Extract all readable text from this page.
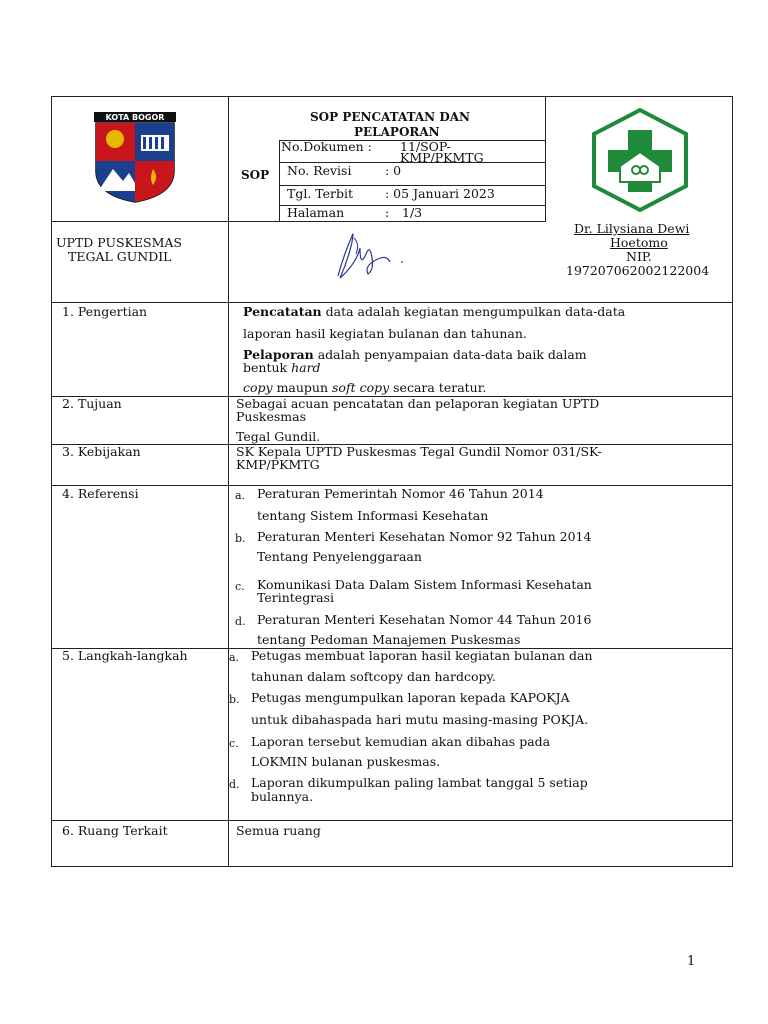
KOTA BOGOR	SOP PENCATATAN DAN
PELAPORAN
SOP
No.Dokumen : 11/SOP-
KMP/PKMTG
No. Revisi	: 0
Tgl. Terbit	: 05 Januari 2023
Halaman	: 1/3
UPTD PUSKESMAS
TEGAL GUNDIL
Dr. Lilysiana Dewi
Hoetomo
NIP.
197207062002122004
1. Pengertian	Pencatatan data adalah kegiatan mengumpulkan data-data
laporan hasil kegiatan bulanan dan tahunan.
Pelaporan adalah penyampaian data-data baik dalam
bentuk hard
copy maupun soft copy secara teratur.
2. Tujuan	Sebagai acuan pencatatan dan pelaporan kegiatan UPTD
Puskesmas
Tegal Gundil.
3. Kebijakan	SK Kepala UPTD Puskesmas Tegal Gundil Nomor 031/SK-
KMP/PKMTG
4. Referensi	a. Peraturan Pemerintah Nomor 46 Tahun 2014
tentang Sistem Informasi Kesehatan
b. Peraturan Menteri Kesehatan Nomor 92 Tahun 2014
Tentang Penyelenggaraan
c. Komunikasi Data Dalam Sistem Informasi Kesehatan
Terintegrasi
d. Peraturan Menteri Kesehatan Nomor 44 Tahun 2016
tentang Pedoman Manajemen Puskesmas
5. Langkah-langkah	a. Petugas membuat laporan hasil kegiatan bulanan dan
tahunan dalam softcopy dan hardcopy.
b. Petugas mengumpulkan laporan kepada KAPOKJA
untuk dibahaspada hari mutu masing-masing POKJA.
c. Laporan tersebut kemudian akan dibahas pada
LOKMIN bulanan puskesmas.
d. Laporan dikumpulkan paling lambat tanggal 5 setiap
bulannya.
6. Ruang Terkait	Semua ruang
1
